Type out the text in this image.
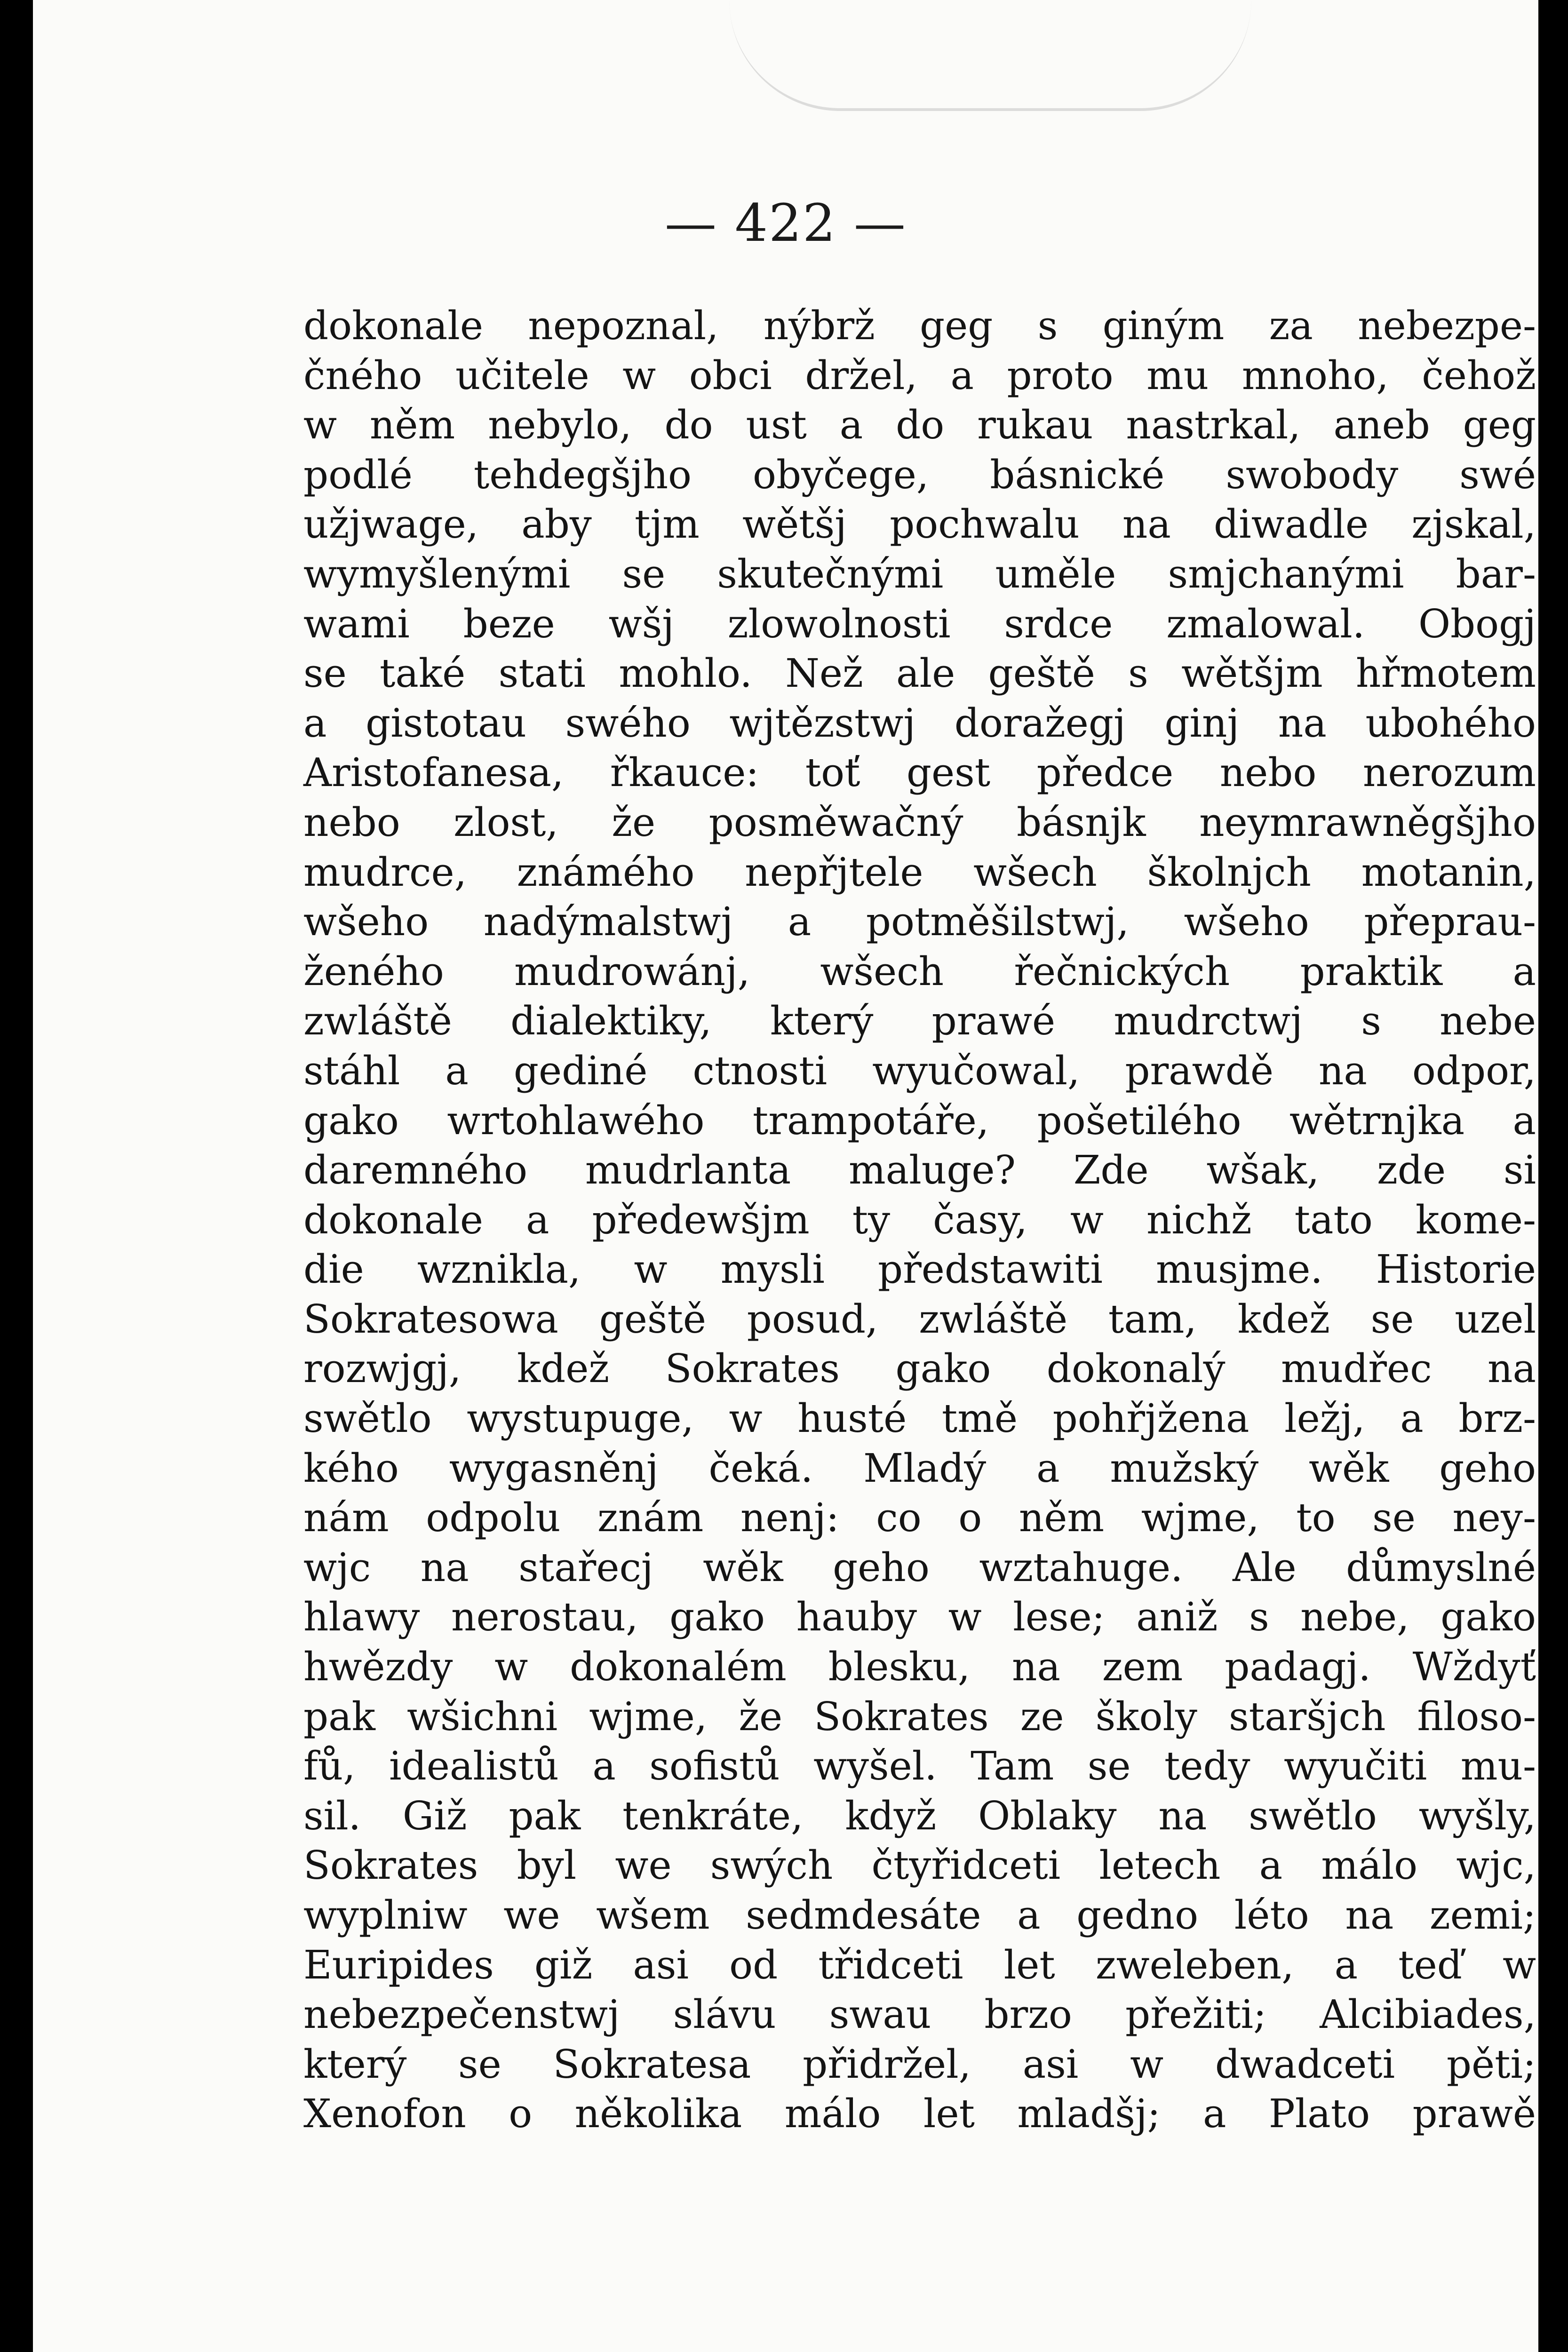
— 422 —
dokonale nepoznal, nýbrž geg s giným za nebezpe-
čného učitele w obci držel, a proto mu mnoho, čehož
w něm nebylo, do ust a do rukau nastrkal, aneb geg
podlé tehdegšjho obyčege, básnické swobody swé
užjwage, aby tjm wětšj pochwalu na diwadle zjskal,
wymyšlenými se skutečnými uměle smjchanými bar-
wami beze wšj zlowolnosti srdce zmalowal. Obogj
se také stati mohlo. Než ale geště s wětšjm hřmotem
a gistotau swého wjtězstwj doražegj ginj na ubohého
Aristofanesa, řkauce: toť gest předce nebo nerozum
nebo zlost, že posměwačný básnjk neymrawněgšjho
mudrce, známého nepřjtele wšech školnjch motanin,
wšeho nadýmalstwj a potměšilstwj, wšeho přeprau-
ženého mudrowánj, wšech řečnických praktik a
zwláště dialektiky, který prawé mudrctwj s nebe
stáhl a gediné ctnosti wyučowal, prawdě na odpor,
gako wrtohlawého trampotáře, pošetilého wětrnjka a
daremného mudrlanta maluge? Zde wšak, zde si
dokonale a předewšjm ty časy, w nichž tato kome-
die wznikla, w mysli předstawiti musjme. Historie
Sokratesowa geště posud, zwláště tam, kdež se uzel
rozwjgj, kdež Sokrates gako dokonalý mudřec na
swětlo wystupuge, w husté tmě pohřjžena ležj, a brz-
kého wygasněnj čeká. Mladý a mužský wěk geho
nám odpolu znám nenj: co o něm wjme, to se ney-
wjc na stařecj wěk geho wztahuge. Ale důmyslné
hlawy nerostau, gako hauby w lese; aniž s nebe, gako
hwězdy w dokonalém blesku, na zem padagj. Wždyť
pak wšichni wjme, že Sokrates ze školy staršjch filoso-
fů, idealistů a sofistů wyšel. Tam se tedy wyučiti mu-
sil. Giž pak tenkráte, když Oblaky na swětlo wyšly,
Sokrates byl we swých čtyřidceti letech a málo wjc,
wyplniw we wšem sedmdesáte a gedno léto na zemi;
Euripides giž asi od třidceti let zweleben, a teď w
nebezpečenstwj slávu swau brzo přežiti; Alcibiades,
který se Sokratesa přidržel, asi w dwadceti pěti;
Xenofon o několika málo let mladšj; a Plato prawě
